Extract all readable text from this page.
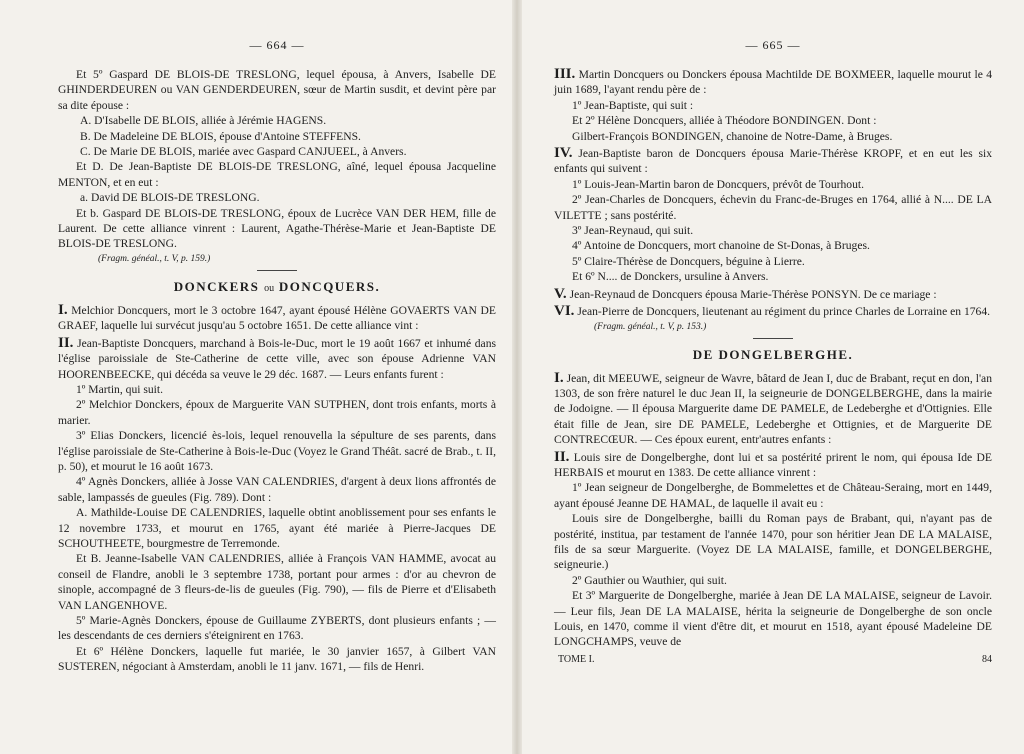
— 664 —

Et 5º Gaspard DE BLOIS-DE TRESLONG, lequel épousa, à Anvers, Isabelle DE GHINDERDEUREN ou VAN GENDERDEUREN, sœur de Martin susdit, et devint père par sa dite épouse :

A. D'Isabelle DE BLOIS, alliée à Jérémie HAGENS.

B. De Madeleine DE BLOIS, épouse d'Antoine STEFFENS.

C. De Marie DE BLOIS, mariée avec Gaspard CANJUEEL, à Anvers.

Et D. De Jean-Baptiste DE BLOIS-DE TRESLONG, aîné, lequel épousa Jacqueline MENTON, et en eut :

a. David DE BLOIS-DE TRESLONG.

Et b. Gaspard DE BLOIS-DE TRESLONG, époux de Lucrèce VAN DER HEM, fille de Laurent. De cette alliance vinrent : Laurent, Agathe-Thérèse-Marie et Jean-Baptiste DE BLOIS-DE TRESLONG.

(Fragm. généal., t. V, p. 159.)
DONCKERS ou DONCQUERS.

I. Melchior Doncquers, mort le 3 octobre 1647, ayant épousé Hélène GOVAERTS VAN DE GRAEF, laquelle lui survécut jusqu'au 5 octobre 1651. De cette alliance vint :

II. Jean-Baptiste Doncquers, marchand à Bois-le-Duc, mort le 19 août 1667 et inhumé dans l'église paroissiale de Ste-Catherine de cette ville, avec son épouse Adrienne VAN HOORENBEECKE, qui décéda sa veuve le 29 déc. 1687. — Leurs enfants furent :

1º Martin, qui suit.

2º Melchior Donckers, époux de Marguerite VAN SUTPHEN, dont trois enfants, morts à marier.

3º Elias Donckers, licencié ès-lois, lequel renouvella la sépulture de ses parents, dans l'église paroissiale de Ste-Catherine à Bois-le-Duc (Voyez le Grand Théât. sacré de Brab., t. II, p. 50), et mourut le 16 août 1673.

4º Agnès Donckers, alliée à Josse VAN CALENDRIES, d'argent à deux lions affrontés de sable, lampassés de gueules (Fig. 789). Dont :

A. Mathilde-Louise DE CALENDRIES, laquelle obtint anoblissement pour ses enfants le 12 novembre 1733, et mourut en 1765, ayant été mariée à Pierre-Jacques DE SCHOUTHEETE, bourgmestre de Terremonde.

Et B. Jeanne-Isabelle VAN CALENDRIES, alliée à François VAN HAMME, avocat au conseil de Flandre, anobli le 3 septembre 1738, portant pour armes : d'or au chevron de sinople, accompagné de 3 fleurs-de-lis de gueules (Fig. 790), — fils de Pierre et d'Elisabeth VAN LANGENHOVE.

5º Marie-Agnès Donckers, épouse de Guillaume ZYBERTS, dont plusieurs enfants ; — les descendants de ces derniers s'éteignirent en 1763.

Et 6º Hélène Donckers, laquelle fut mariée, le 30 janvier 1657, à Gilbert VAN SUSTEREN, négociant à Amsterdam, anobli le 11 janv. 1671, — fils de Henri.

— 665 —

III. Martin Doncquers ou Donckers épousa Machtilde DE BOXMEER, laquelle mourut le 4 juin 1689, l'ayant rendu père de :

1º Jean-Baptiste, qui suit :

Et 2º Hélène Doncquers, alliée à Théodore BONDINGEN. Dont :

Gilbert-François BONDINGEN, chanoine de Notre-Dame, à Bruges.

IV. Jean-Baptiste baron de Doncquers épousa Marie-Thérèse KROPF, et en eut les six enfants qui suivent :

1º Louis-Jean-Martin baron de Doncquers, prévôt de Tourhout.

2º Jean-Charles de Doncquers, échevin du Franc-de-Bruges en 1764, allié à N.... DE LA VILETTE ; sans postérité.

3º Jean-Reynaud, qui suit.

4º Antoine de Doncquers, mort chanoine de St-Donas, à Bruges.

5º Claire-Thérèse de Doncquers, béguine à Lierre.

Et 6º N.... de Donckers, ursuline à Anvers.

V. Jean-Reynaud de Doncquers épousa Marie-Thérèse PONSYN. De ce mariage :

VI. Jean-Pierre de Doncquers, lieutenant au régiment du prince Charles de Lorraine en 1764.

(Fragm. généal., t. V, p. 153.)
DE DONGELBERGHE.

I. Jean, dit MEEUWE, seigneur de Wavre, bâtard de Jean I, duc de Brabant, reçut en don, l'an 1303, de son frère naturel le duc Jean II, la seigneurie de DONGELBERGHE, dans la mairie de Jodoigne. — Il épousa Marguerite dame DE PAMELE, de Ledeberghe et d'Ottignies. Elle était fille de Jean, sire DE PAMELE, Ledeberghe et Ottignies, et de Marguerite DE CONTRECŒUR. — Ces époux eurent, entr'autres enfants :

II. Louis sire de Dongelberghe, dont lui et sa postérité prirent le nom, qui épousa Ide DE HERBAIS et mourut en 1383. De cette alliance vinrent :

1º Jean seigneur de Dongelberghe, de Bommelettes et de Château-Seraing, mort en 1449, ayant épousé Jeanne DE HAMAL, de laquelle il avait eu :

Louis sire de Dongelberghe, bailli du Roman pays de Brabant, qui, n'ayant pas de postérité, institua, par testament de l'année 1470, pour son héritier Jean DE LA MALAISE, fils de sa sœur Marguerite. (Voyez DE LA MALAISE, famille, et DONGELBERGHE, seigneurie.)

2º Gauthier ou Wauthier, qui suit.

Et 3º Marguerite de Dongelberghe, mariée à Jean DE LA MALAISE, seigneur de Lavoir. — Leur fils, Jean DE LA MALAISE, hérita la seigneurie de Dongelberghe de son oncle Louis, en 1470, comme il vient d'être dit, et mourut en 1518, ayant épousé Madeleine DE LONGCHAMPS, veuve de

TOME I.	84
